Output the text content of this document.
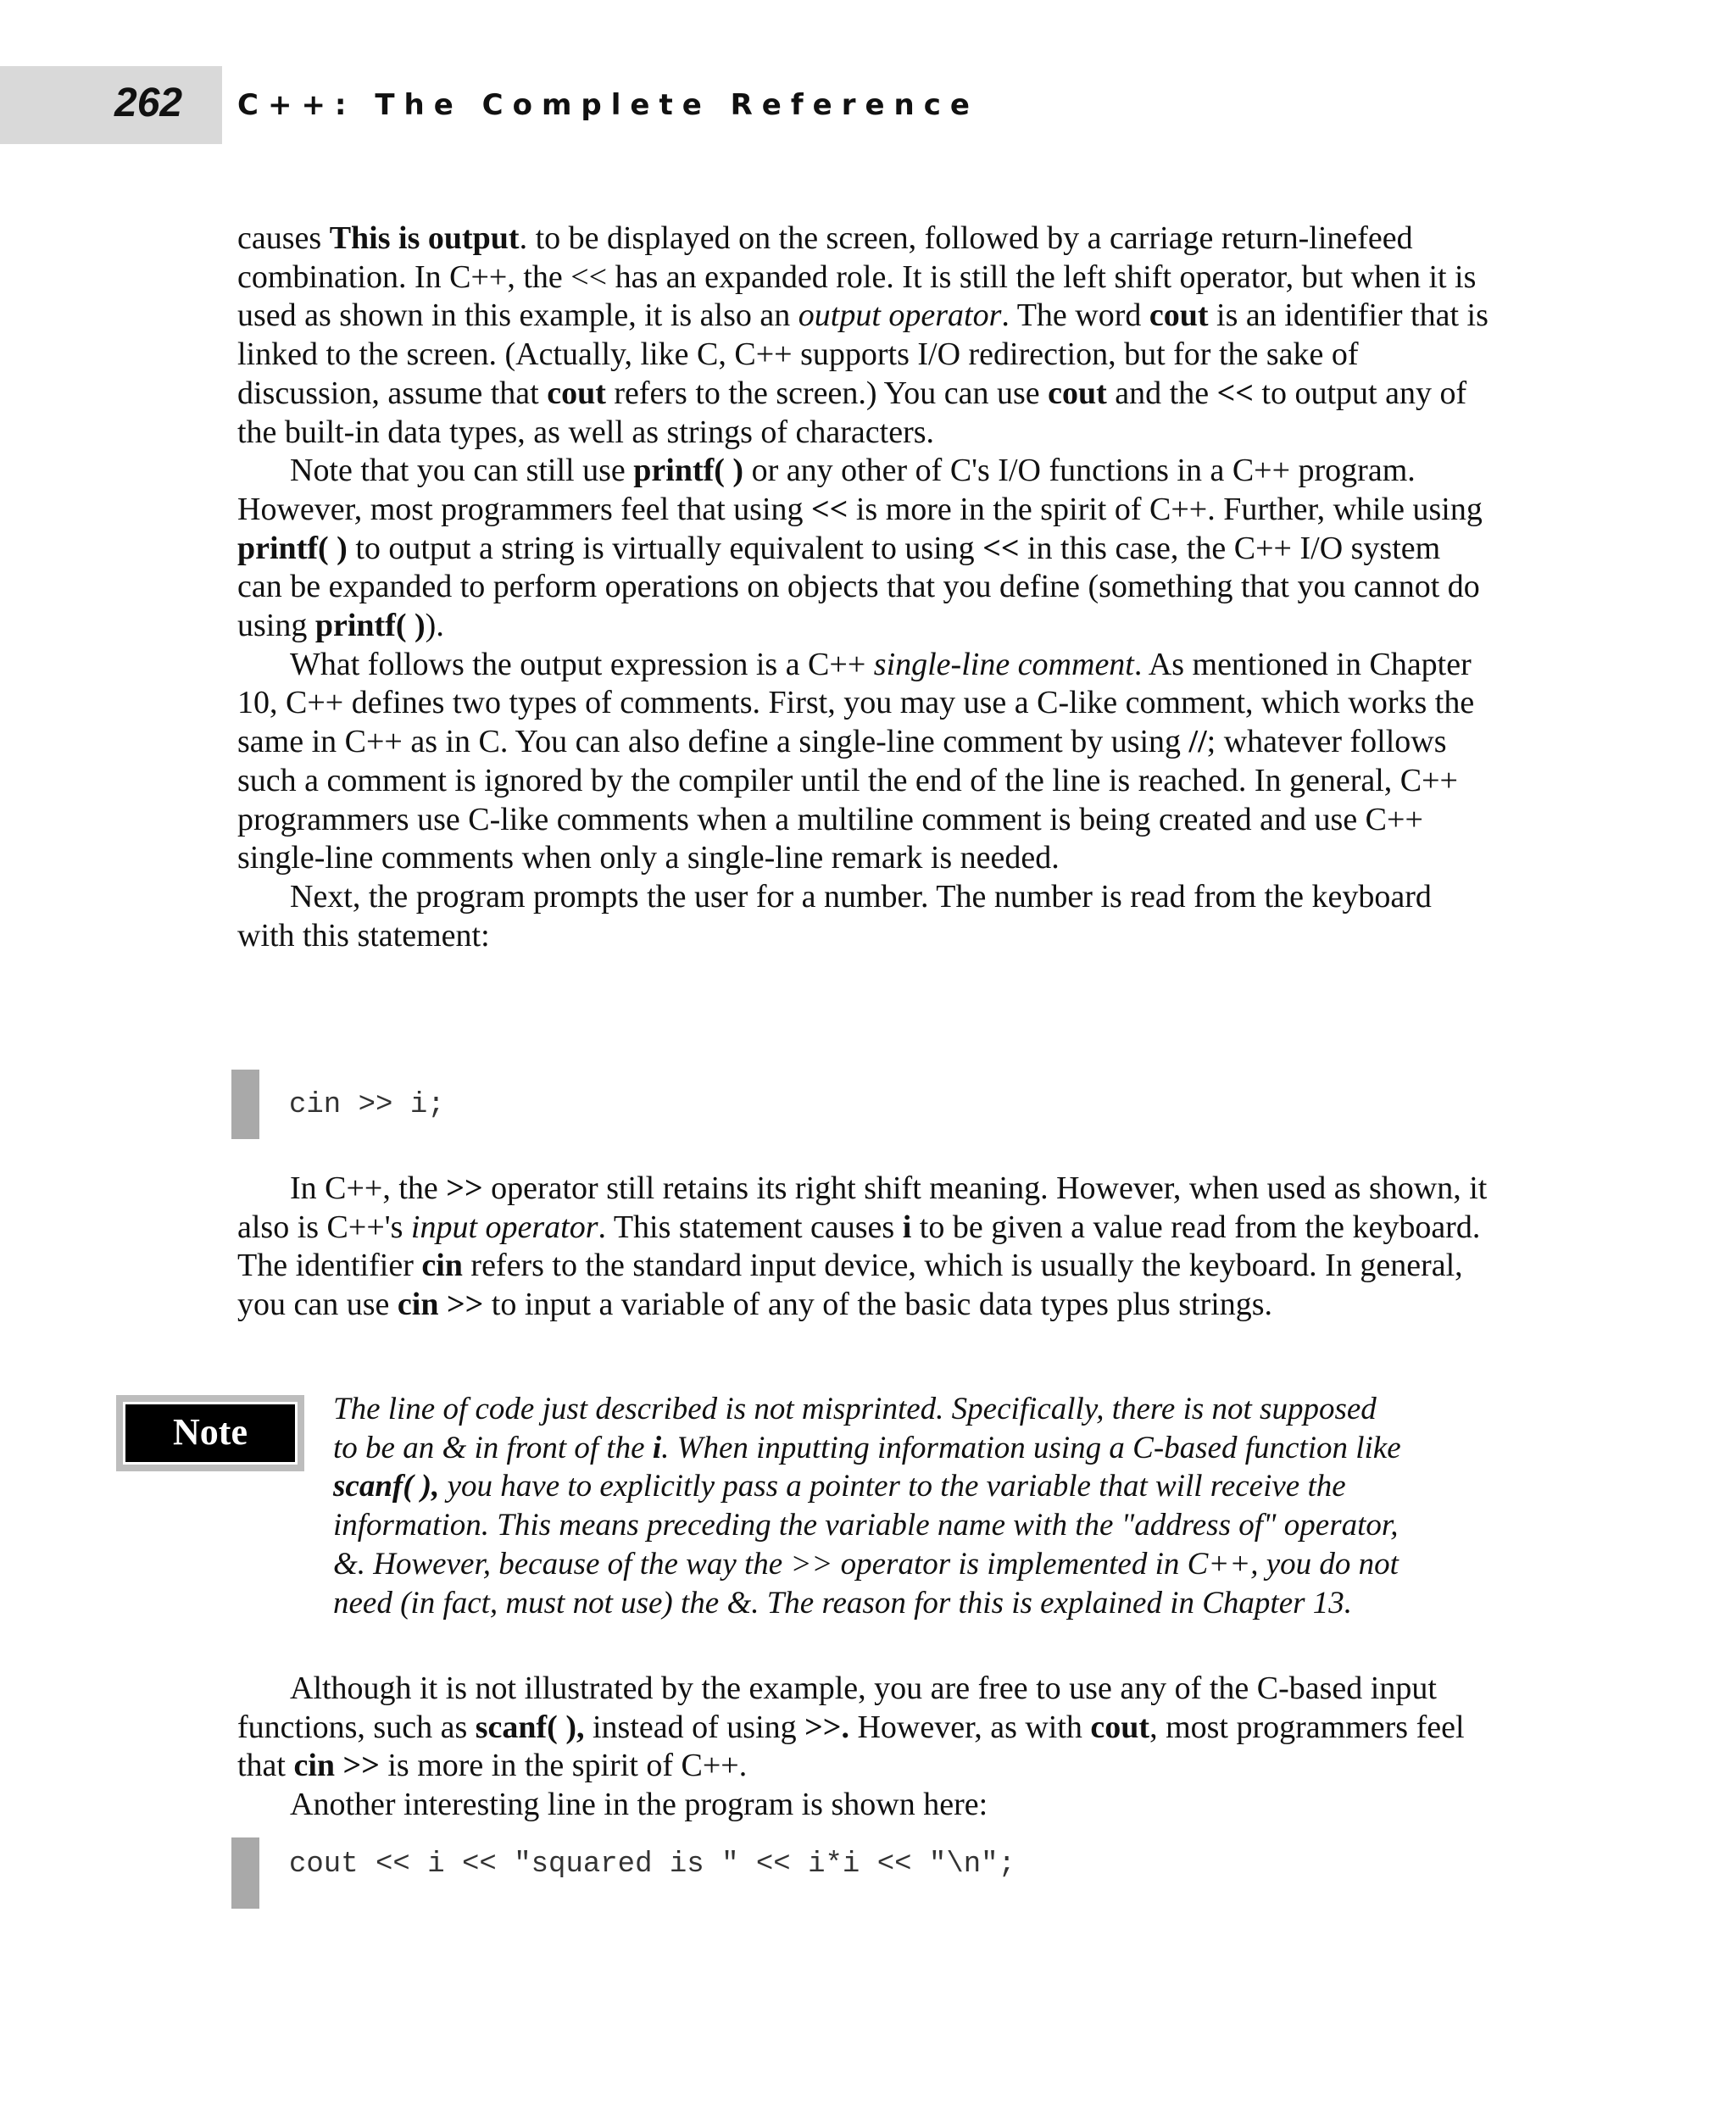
262 C++: The Complete Reference

causes This is output. to be displayed on the screen, followed by a carriage return-linefeed combination. In C++, the << has an expanded role. It is still the left shift operator, but when it is used as shown in this example, it is also an output operator. The word cout is an identifier that is linked to the screen. (Actually, like C, C++ supports I/O redirection, but for the sake of discussion, assume that cout refers to the screen.) You can use cout and the << to output any of the built-in data types, as well as strings of characters.

Note that you can still use printf( ) or any other of C's I/O functions in a C++ program. However, most programmers feel that using << is more in the spirit of C++. Further, while using printf( ) to output a string is virtually equivalent to using << in this case, the C++ I/O system can be expanded to perform operations on objects that you define (something that you cannot do using printf( )).

What follows the output expression is a C++ single-line comment. As mentioned in Chapter 10, C++ defines two types of comments. First, you may use a C-like comment, which works the same in C++ as in C. You can also define a single-line comment by using //; whatever follows such a comment is ignored by the compiler until the end of the line is reached. In general, C++ programmers use C-like comments when a multiline comment is being created and use C++ single-line comments when only a single-line remark is needed.

Next, the program prompts the user for a number. The number is read from the keyboard with this statement:

cin >> i;

In C++, the >> operator still retains its right shift meaning. However, when used as shown, it also is C++'s input operator. This statement causes i to be given a value read from the keyboard. The identifier cin refers to the standard input device, which is usually the keyboard. In general, you can use cin >> to input a variable of any of the basic data types plus strings.

Note

The line of code just described is not misprinted. Specifically, there is not supposed to be an & in front of the i. When inputting information using a C-based function like scanf( ), you have to explicitly pass a pointer to the variable that will receive the information. This means preceding the variable name with the "address of" operator, &. However, because of the way the >> operator is implemented in C++, you do not need (in fact, must not use) the &. The reason for this is explained in Chapter 13.

Although it is not illustrated by the example, you are free to use any of the C-based input functions, such as scanf( ), instead of using >>. However, as with cout, most programmers feel that cin >> is more in the spirit of C++.

Another interesting line in the program is shown here:

cout << i << "squared is " << i*i << "\n";
